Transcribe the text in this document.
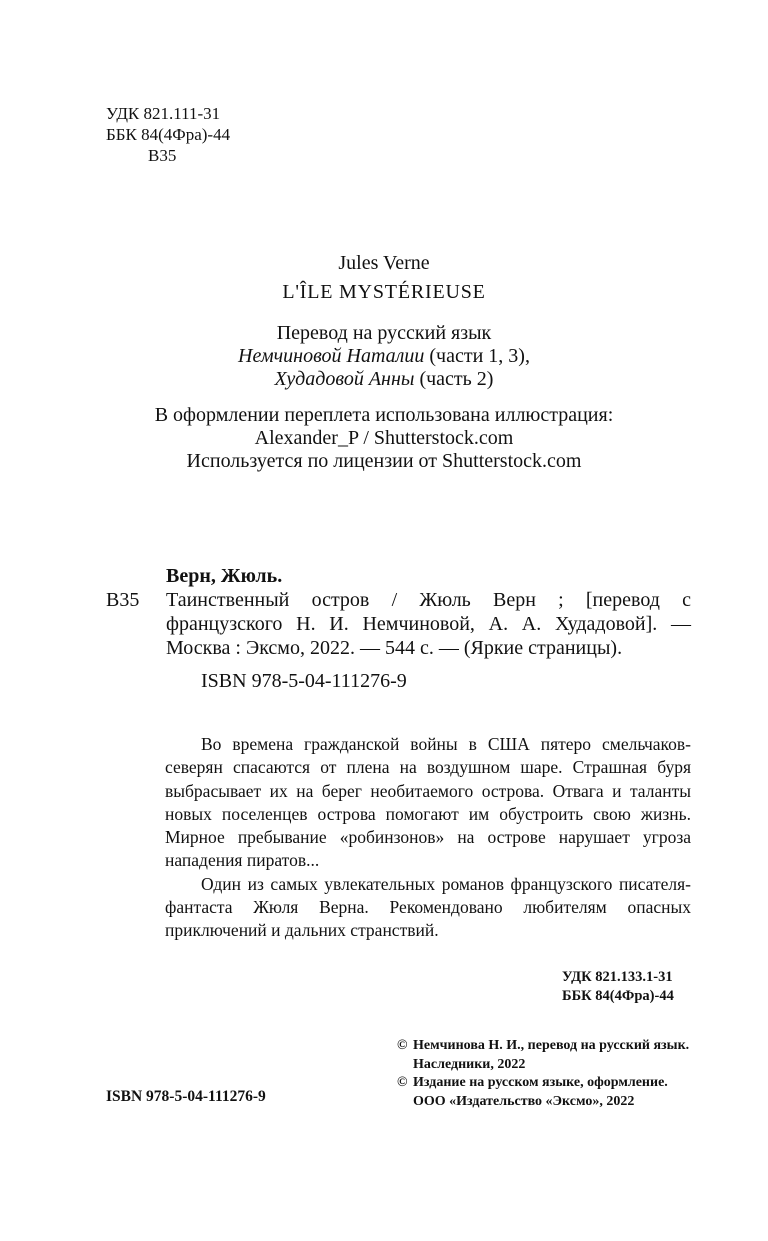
УДК 821.111-31
ББК 84(4Фра)-44
В35
Jules Verne
L'ÎLE MYSTÉRIEUSE
Перевод на русский язык
Немчиновой Наталии (части 1, 3),
Худадовой Анны (часть 2)
В оформлении переплета использована иллюстрация:
Alexander_P / Shutterstock.com
Используется по лицензии от Shutterstock.com
Верн, Жюль.
В35 Таинственный остров / Жюль Верн ; [перевод с французского Н. И. Немчиновой, А. А. Худадовой]. — Москва : Эксмо, 2022. — 544 с. — (Яркие страницы).
ISBN 978-5-04-111276-9

Во времена гражданской войны в США пятеро смельчаков-северян спасаются от плена на воздушном шаре. Страшная буря выбрасывает их на берег необитаемого острова. Отвага и таланты новых поселенцев острова помогают им обустроить свою жизнь. Мирное пребывание «робинзонов» на острове нарушает угроза нападения пиратов...

Один из самых увлекательных романов французского писателя-фантаста Жюля Верна. Рекомендовано любителям опасных приключений и дальних странствий.

УДК 821.133.1-31
ББК 84(4Фра)-44
© Немчинова Н. И., перевод на русский язык. Наследники, 2022
© Издание на русском языке, оформление. ООО «Издательство «Эксмо», 2022
ISBN 978-5-04-111276-9
